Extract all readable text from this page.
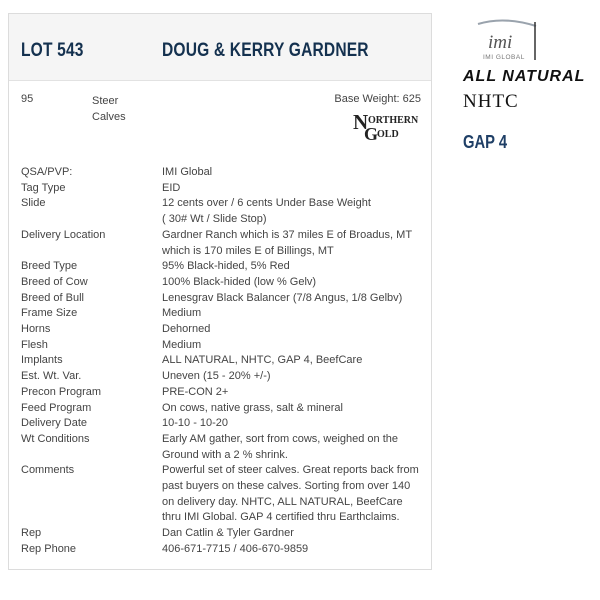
LOT 543	DOUG & KERRY GARDNER
95	Steer
Calves
Base Weight: 625
N ORTHERN
G
OLD
QSA/PVP:	IMI Global
Tag Type	EID
Slide	12 cents over / 6 cents Under Base Weight
( 30# Wt / Slide Stop)
Delivery Location	Gardner Ranch which is 37 miles E of Broadus, MT
which is 170 miles E of Billings, MT
Breed Type	95% Black-hided, 5% Red
Breed of Cow	100% Black-hided (low % Gelv)
Breed of Bull	Lenesgrav Black Balancer (7/8 Angus, 1/8 Gelbv)
Frame Size	Medium
Horns	Dehorned
Flesh	Medium
Implants	ALL NATURAL, NHTC, GAP 4, BeefCare
Est. Wt. Var.	Uneven (15 - 20% +/-)
Precon Program	PRE-CON 2+
Feed Program	On cows, native grass, salt & mineral
Delivery Date	10-10 - 10-20
Wt Conditions	Early AM gather, sort from cows, weighed on the
Ground with a 2 % shrink.
Comments	Powerful set of steer calves. Great reports back from
past buyers on these calves. Sorting from over 140
on delivery day. NHTC, ALL NATURAL, BeefCare
thru IMI Global. GAP 4 certified thru Earthclaims.
Rep	Dan Catlin & Tyler Gardner
Rep Phone	406-671-7715 / 406-670-9859
imi
IMI GLOBAL
ALL NATURAL
NHTC
GAP 4
